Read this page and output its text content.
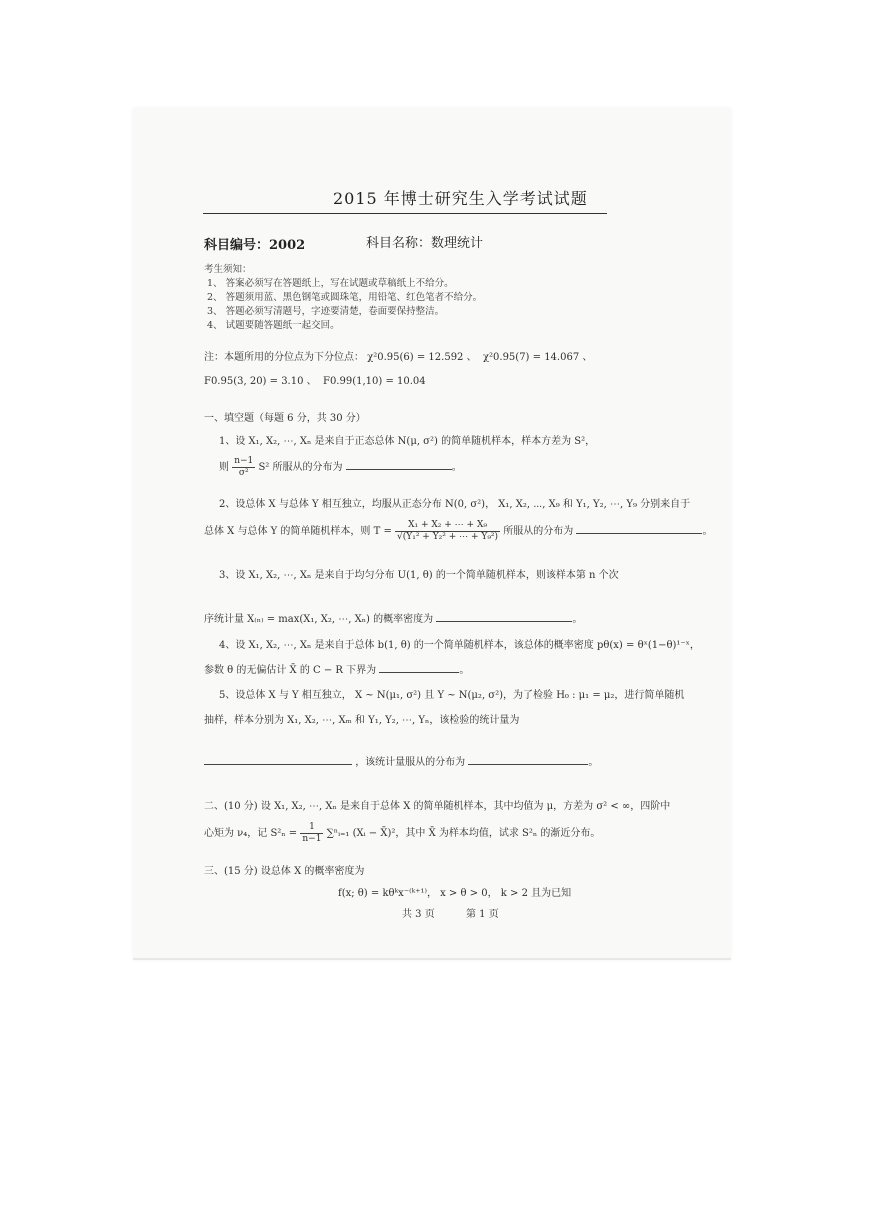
2015 年博士研究生入学考试试题
科目编号：2002	科目名称：数理统计
考生须知：
1、 答案必须写在答题纸上，写在试题或草稿纸上不给分。
2、 答题须用蓝、黑色钢笔或圆珠笔，用铅笔、红色笔者不给分。
3、 答题必须写清题号，字迹要清楚，卷面要保持整洁。
4、 试题要随答题纸一起交回。
注：本题所用的分位点为下分位点： χ²0.95(6) = 12.592 、 χ²0.95(7) = 14.067 、
F0.95(3, 20) = 3.10 、 F0.99(1,10) = 10.04
一、填空题（每题 6 分，共 30 分）
1、设 X₁, X₂, ⋯, Xₙ 是来自于正态总体 N(μ, σ²) 的简单随机样本，样本方差为 S²，
则 $\frac{n-1}{\text{σ²}} S^2$ 所服从的分布为	。
2、设总体 X 与总体 Y 相互独立，均服从正态分布 N(0, σ²)， X₁, X₂, ⋯, X₉ 和 Y₁, Y₂, ⋯, Y₉ 分别来自于
总体 X 与总体 Y 的简单随机样本，则 $T = \frac{\text{X₁ + X₂ + ⋯ + X₉}}{\text{√(Y₁² + Y₂² + ⋯ + Y₉²)}}$ 所服从的分布为	。
3、设 X₁, X₂, ⋯, Xₙ 是来自于均匀分布 U(1, θ) 的一个简单随机样本，则该样本第 n 个次
序统计量 X₍ₙ₎ = max(X₁, X₂, ⋯, Xₙ) 的概率密度为	。
4、设 X₁, X₂, ⋯, Xₙ 是来自于总体 b(1, θ) 的一个简单随机样本，该总体的概率密度 pθ(x) = θˣ(1−θ)¹⁻ˣ，
参数 θ 的无偏估计 X̄ 的 C − R 下界为	。
5、设总体 X 与 Y 相互独立， X ~ N(μ₁, σ²) 且 Y ~ N(μ₂, σ²)，为了检验 H₀ : μ₁ = μ₂，进行简单随机
抽样，样本分别为 X₁, X₂, ⋯, Xₘ 和 Y₁, Y₂, ⋯, Yₙ，该检验的统计量为
，该统计量服从的分布为	。
二、(10 分) 设 X₁, X₂, ⋯, Xₙ 是来自于总体 X 的简单随机样本，其中均值为 μ，方差为 σ² < ∞，四阶中
心矩为 ν₄，记 $S^2_n = \frac{1}{n-1}$ ∑ⁿᵢ₌₁ (Xᵢ − X̄)²，其中 X̄ 为样本均值，试求 S²ₙ 的渐近分布。
三、(15 分) 设总体 X 的概率密度为
f(x; θ) = kθᵏx⁻⁽ᵏ⁺¹⁾， x > θ > 0， k > 2 且为已知
共 3 页	第 1 页
